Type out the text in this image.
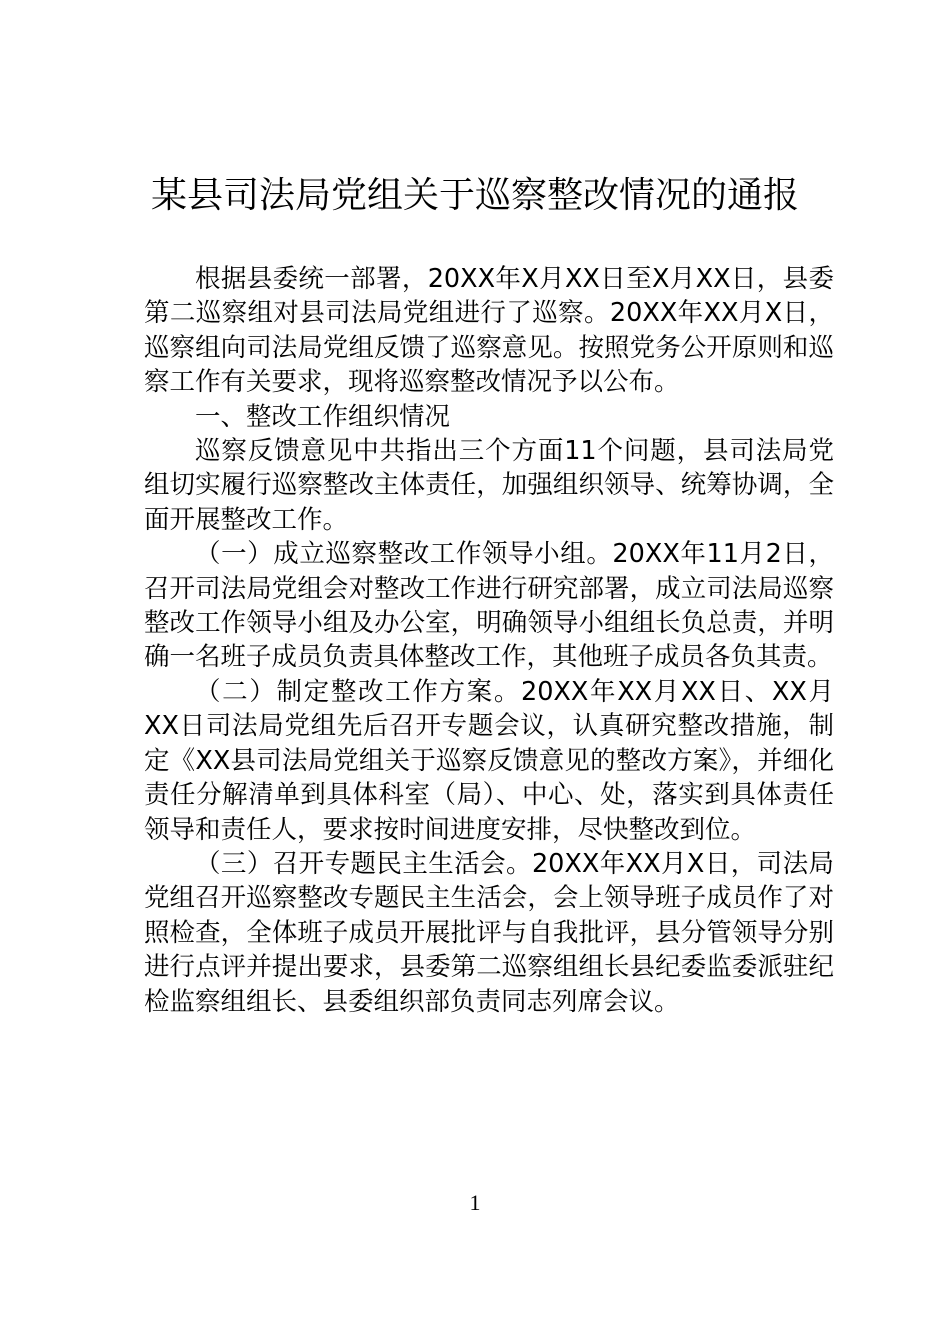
某县司法局党组关于巡察整改情况的通报

根据县委统一部署，20XX年X月XX日至X月XX日，县委第二巡察组对县司法局党组进行了巡察。20XX年XX月X日，巡察组向司法局党组反馈了巡察意见。按照党务公开原则和巡察工作有关要求，现将巡察整改情况予以公布。

一、整改工作组织情况

巡察反馈意见中共指出三个方面11个问题，县司法局党组切实履行巡察整改主体责任，加强组织领导、统筹协调，全面开展整改工作。

（一）成立巡察整改工作领导小组。20XX年11月2日，召开司法局党组会对整改工作进行研究部署，成立司法局巡察整改工作领导小组及办公室，明确领导小组组长负总责，并明确一名班子成员负责具体整改工作，其他班子成员各负其责。

（二）制定整改工作方案。20XX年XX月XX日、XX月XX日司法局党组先后召开专题会议，认真研究整改措施，制定《XX县司法局党组关于巡察反馈意见的整改方案》，并细化责任分解清单到具体科室（局）、中心、处，落实到具体责任领导和责任人，要求按时间进度安排，尽快整改到位。

（三）召开专题民主生活会。20XX年XX月X日，司法局党组召开巡察整改专题民主生活会，会上领导班子成员作了对照检查，全体班子成员开展批评与自我批评，县分管领导分别进行点评并提出要求，县委第二巡察组组长县纪委监委派驻纪检监察组组长、县委组织部负责同志列席会议。

1
